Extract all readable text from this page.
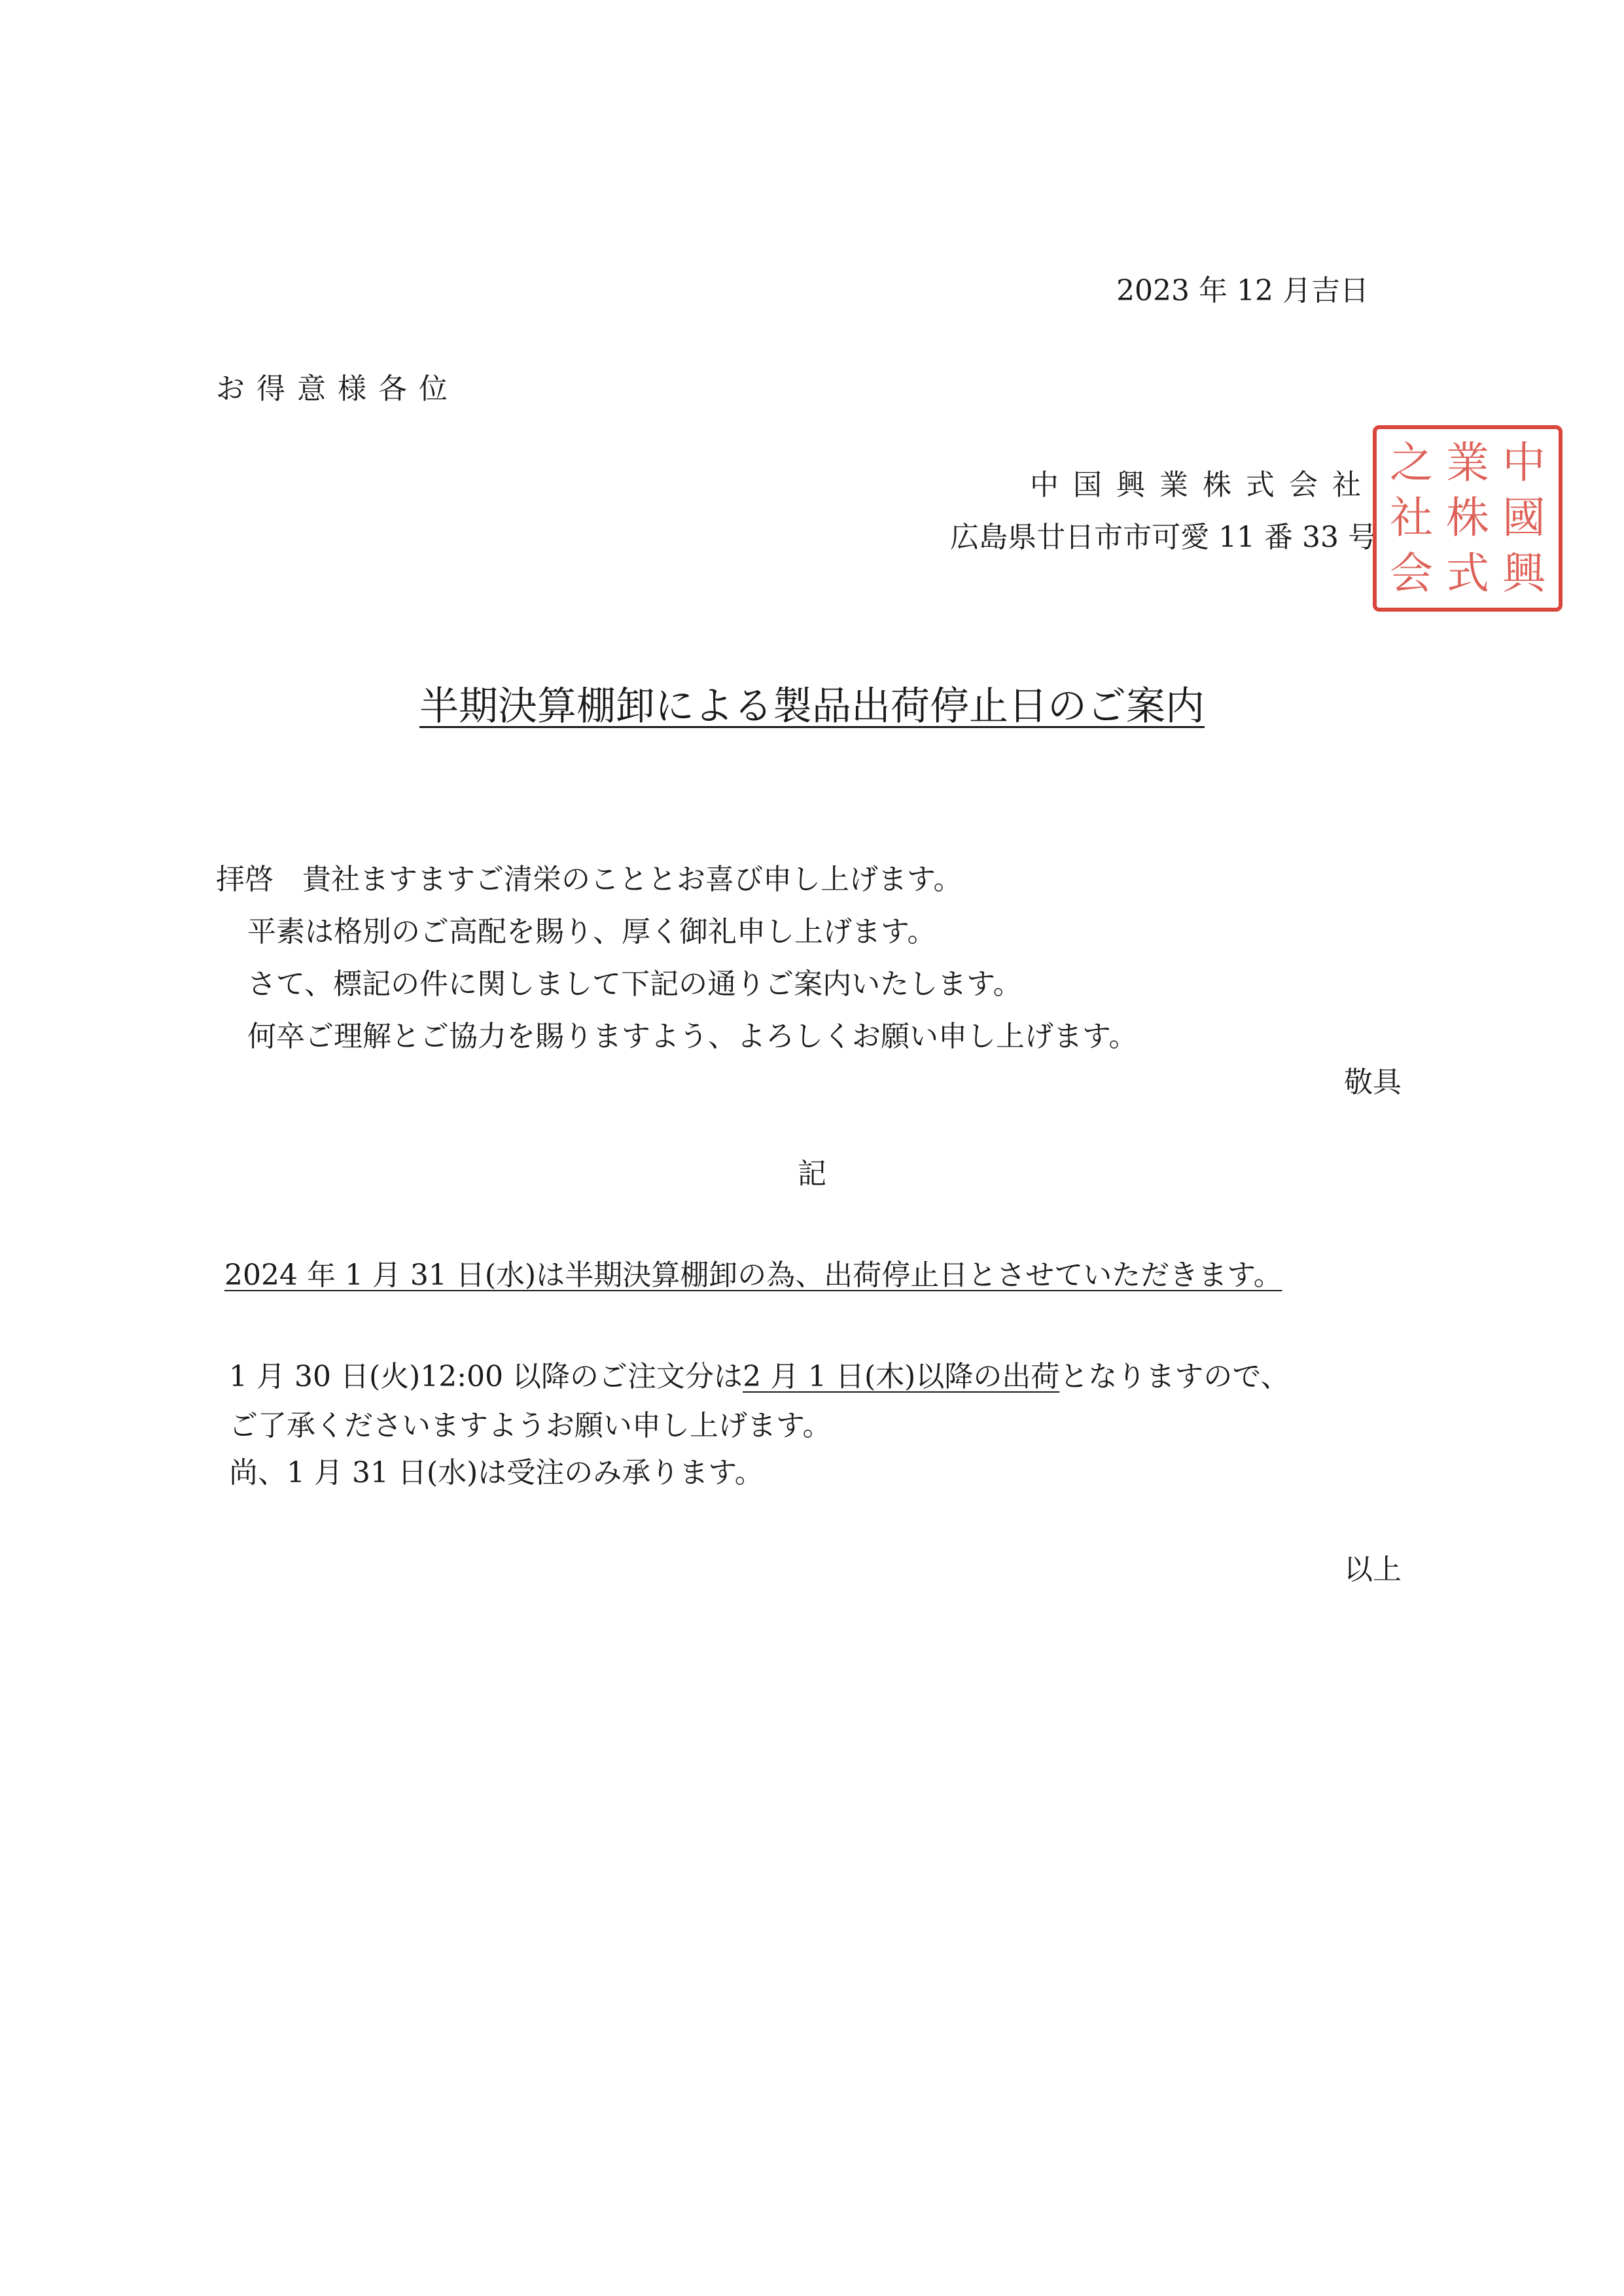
2023 年 12 月吉日
お得意様各位
中国興業株式会社
広島県廿日市市可愛 11 番 33 号
之 業 中
社 株 國
会 式 興
半期決算棚卸による製品出荷停止日のご案内
拝啓　貴社ますますご清栄のこととお喜び申し上げます。
平素は格別のご高配を賜り、厚く御礼申し上げます。
さて、標記の件に関しまして下記の通りご案内いたします。
何卒ご理解とご協力を賜りますよう、よろしくお願い申し上げます。
敬具
記
2024 年 1 月 31 日(水)は半期決算棚卸の為、出荷停止日とさせていただきます。
1 月 30 日(火)12:00 以降のご注文分は2 月 1 日(木)以降の出荷となりますので、
ご了承くださいますようお願い申し上げます。
尚、1 月 31 日(水)は受注のみ承ります。
以上
